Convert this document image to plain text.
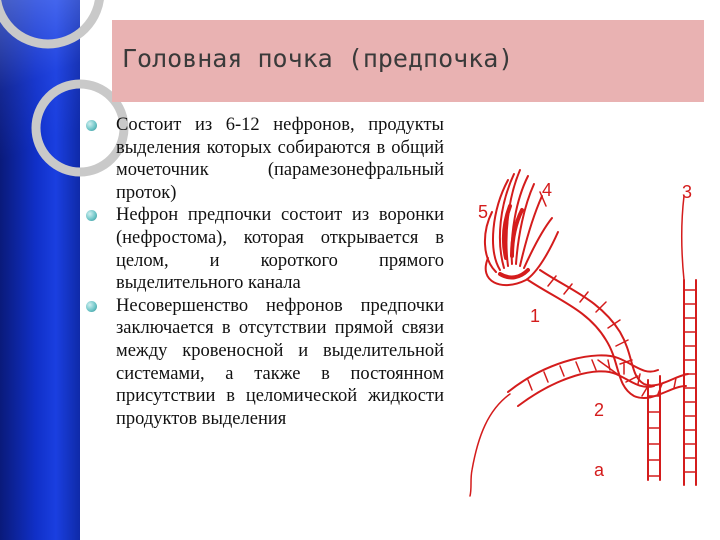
Головная почка (предпочка)
Состоит из 6-12 нефронов, продукты выделения которых собираются в общий мочеточник (парамезонефральный проток)
Нефрон предпочки состоит из воронки (нефростома), которая открывается в целом, и короткого прямого выделительного канала
Несовершенство нефронов предпочки заключается в отсутствии прямой связи между кровеносной и выделительной системами, а также в постоянном присутствии в целомической жидкости продуктов выделения
5
4	3
1
2
a
